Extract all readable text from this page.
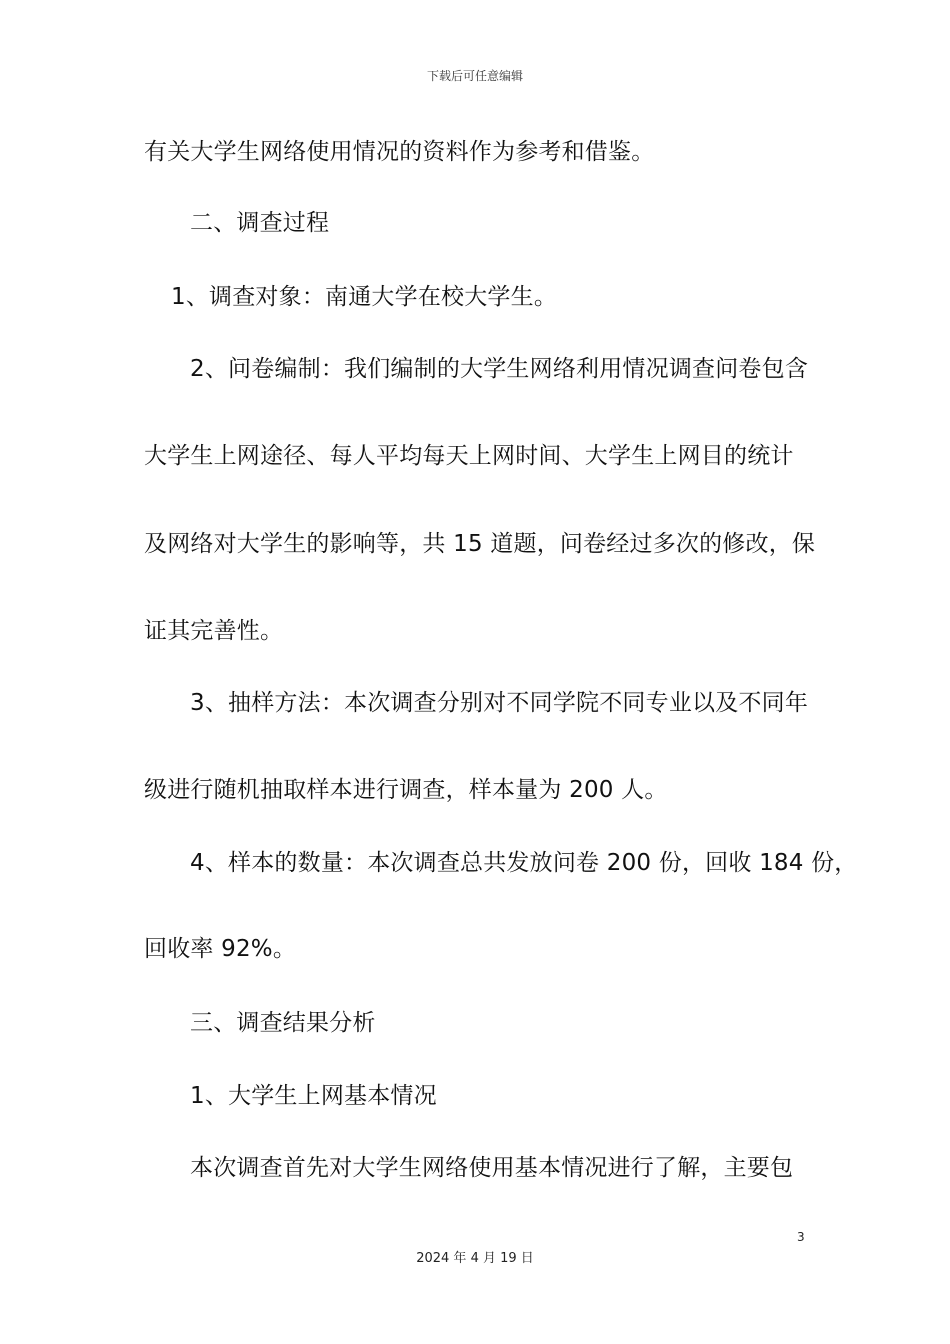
下载后可任意编辑
有关大学生网络使用情况的资料作为参考和借鉴。
二、调查过程
1、调查对象：南通大学在校大学生。
2、问卷编制：我们编制的大学生网络利用情况调查问卷包含
大学生上网途径、每人平均每天上网时间、大学生上网目的统计
及网络对大学生的影响等，共 15 道题，问卷经过多次的修改，保
证其完善性。
3、抽样方法：本次调查分别对不同学院不同专业以及不同年
级进行随机抽取样本进行调查，样本量为 200 人。
4、样本的数量：本次调查总共发放问卷 200 份，回收 184 份，
回收率 92%。
三、调查结果分析
1、大学生上网基本情况
本次调查首先对大学生网络使用基本情况进行了解，主要包
3
2024 年 4 月 19 日
